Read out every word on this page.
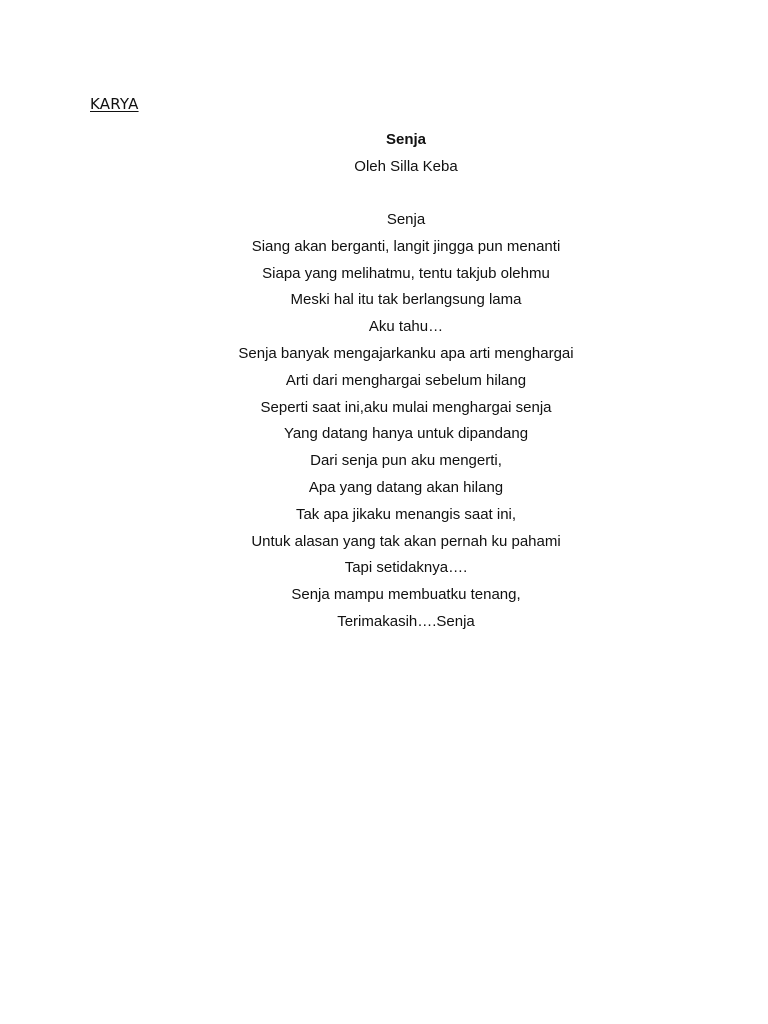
KARYA
Senja
Oleh Silla Keba
Senja
Siang akan berganti, langit jingga pun menanti
Siapa yang melihatmu, tentu takjub olehmu
Meski hal itu tak berlangsung lama
Aku tahu…
Senja banyak mengajarkanku apa arti menghargai
Arti dari menghargai sebelum hilang
Seperti saat ini,aku mulai menghargai senja
Yang datang hanya untuk dipandang
Dari senja pun aku mengerti,
Apa yang datang akan hilang
Tak apa jikaku menangis saat ini,
Untuk alasan yang tak akan pernah ku pahami
Tapi setidaknya….
Senja mampu membuatku tenang,
Terimakasih….Senja
